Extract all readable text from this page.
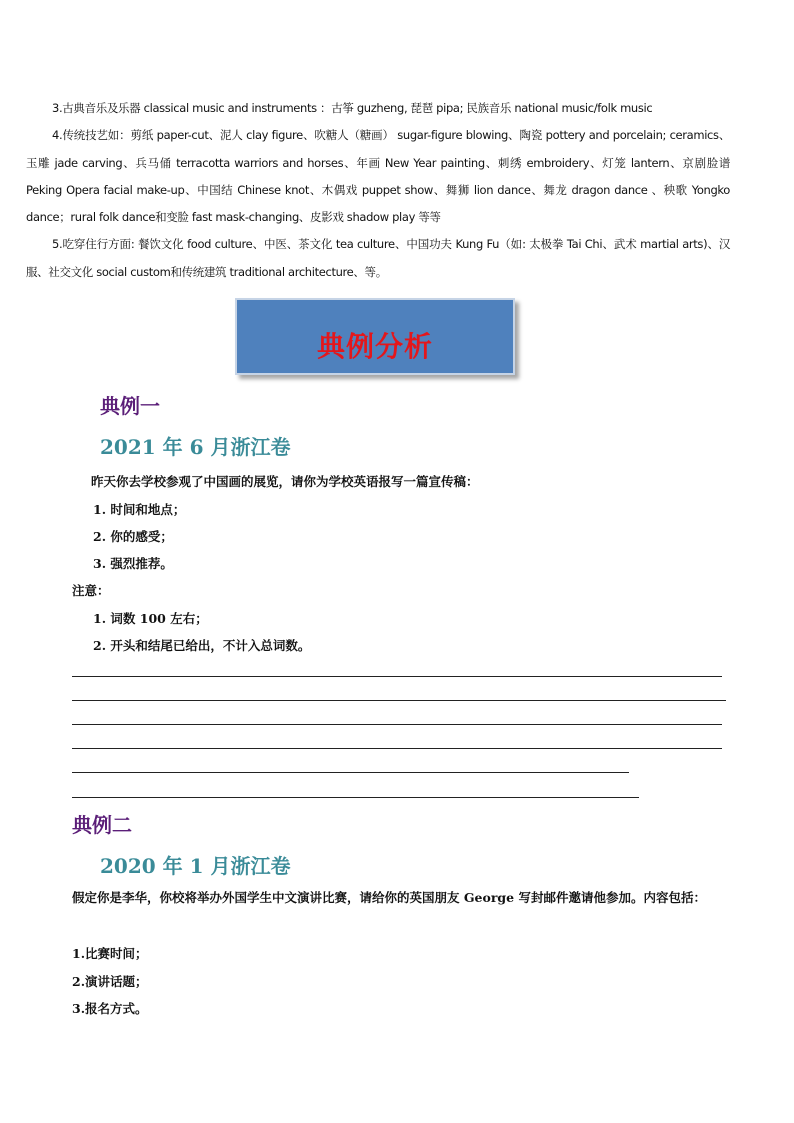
3.古典音乐及乐器 classical music and instruments ：古筝 guzheng, 琵琶 pipa; 民族音乐 national music/folk music

4.传统技艺如：剪纸 paper-cut、泥人 clay figure、吹糖人（糖画） sugar-figure blowing、陶瓷 pottery and porcelain; ceramics、玉雕 jade carving、兵马俑 terracotta warriors and horses、年画 New Year painting、刺绣 embroidery、灯笼 lantern、京剧脸谱 Peking Opera facial make-up、中国结 Chinese knot、木偶戏 puppet show、舞狮 lion dance、舞龙 dragon dance 、秧歌 Yongko dance；rural folk dance和变脸 fast mask-changing、皮影戏 shadow play 等等

5.吃穿住行方面: 餐饮文化 food culture、中医、茶文化 tea culture、中国功夫 Kung Fu（如: 太极拳 Tai Chi、武术 martial arts)、汉服、社交文化 social custom和传统建筑 traditional architecture、等。

典例分析
典例一
2021 年 6 月浙江卷
昨天你去学校参观了中国画的展览，请你为学校英语报写一篇宣传稿：
1. 时间和地点；
2. 你的感受；
3. 强烈推荐。
注意：
1. 词数 100 左右；
2. 开头和结尾已给出，不计入总词数。
典例二
2020 年 1 月浙江卷
假定你是李华，你校将举办外国学生中文演讲比赛，请给你的英国朋友 George 写封邮件邀请他参加。内容包括：
1.比赛时间；
2.演讲话题；
3.报名方式。
